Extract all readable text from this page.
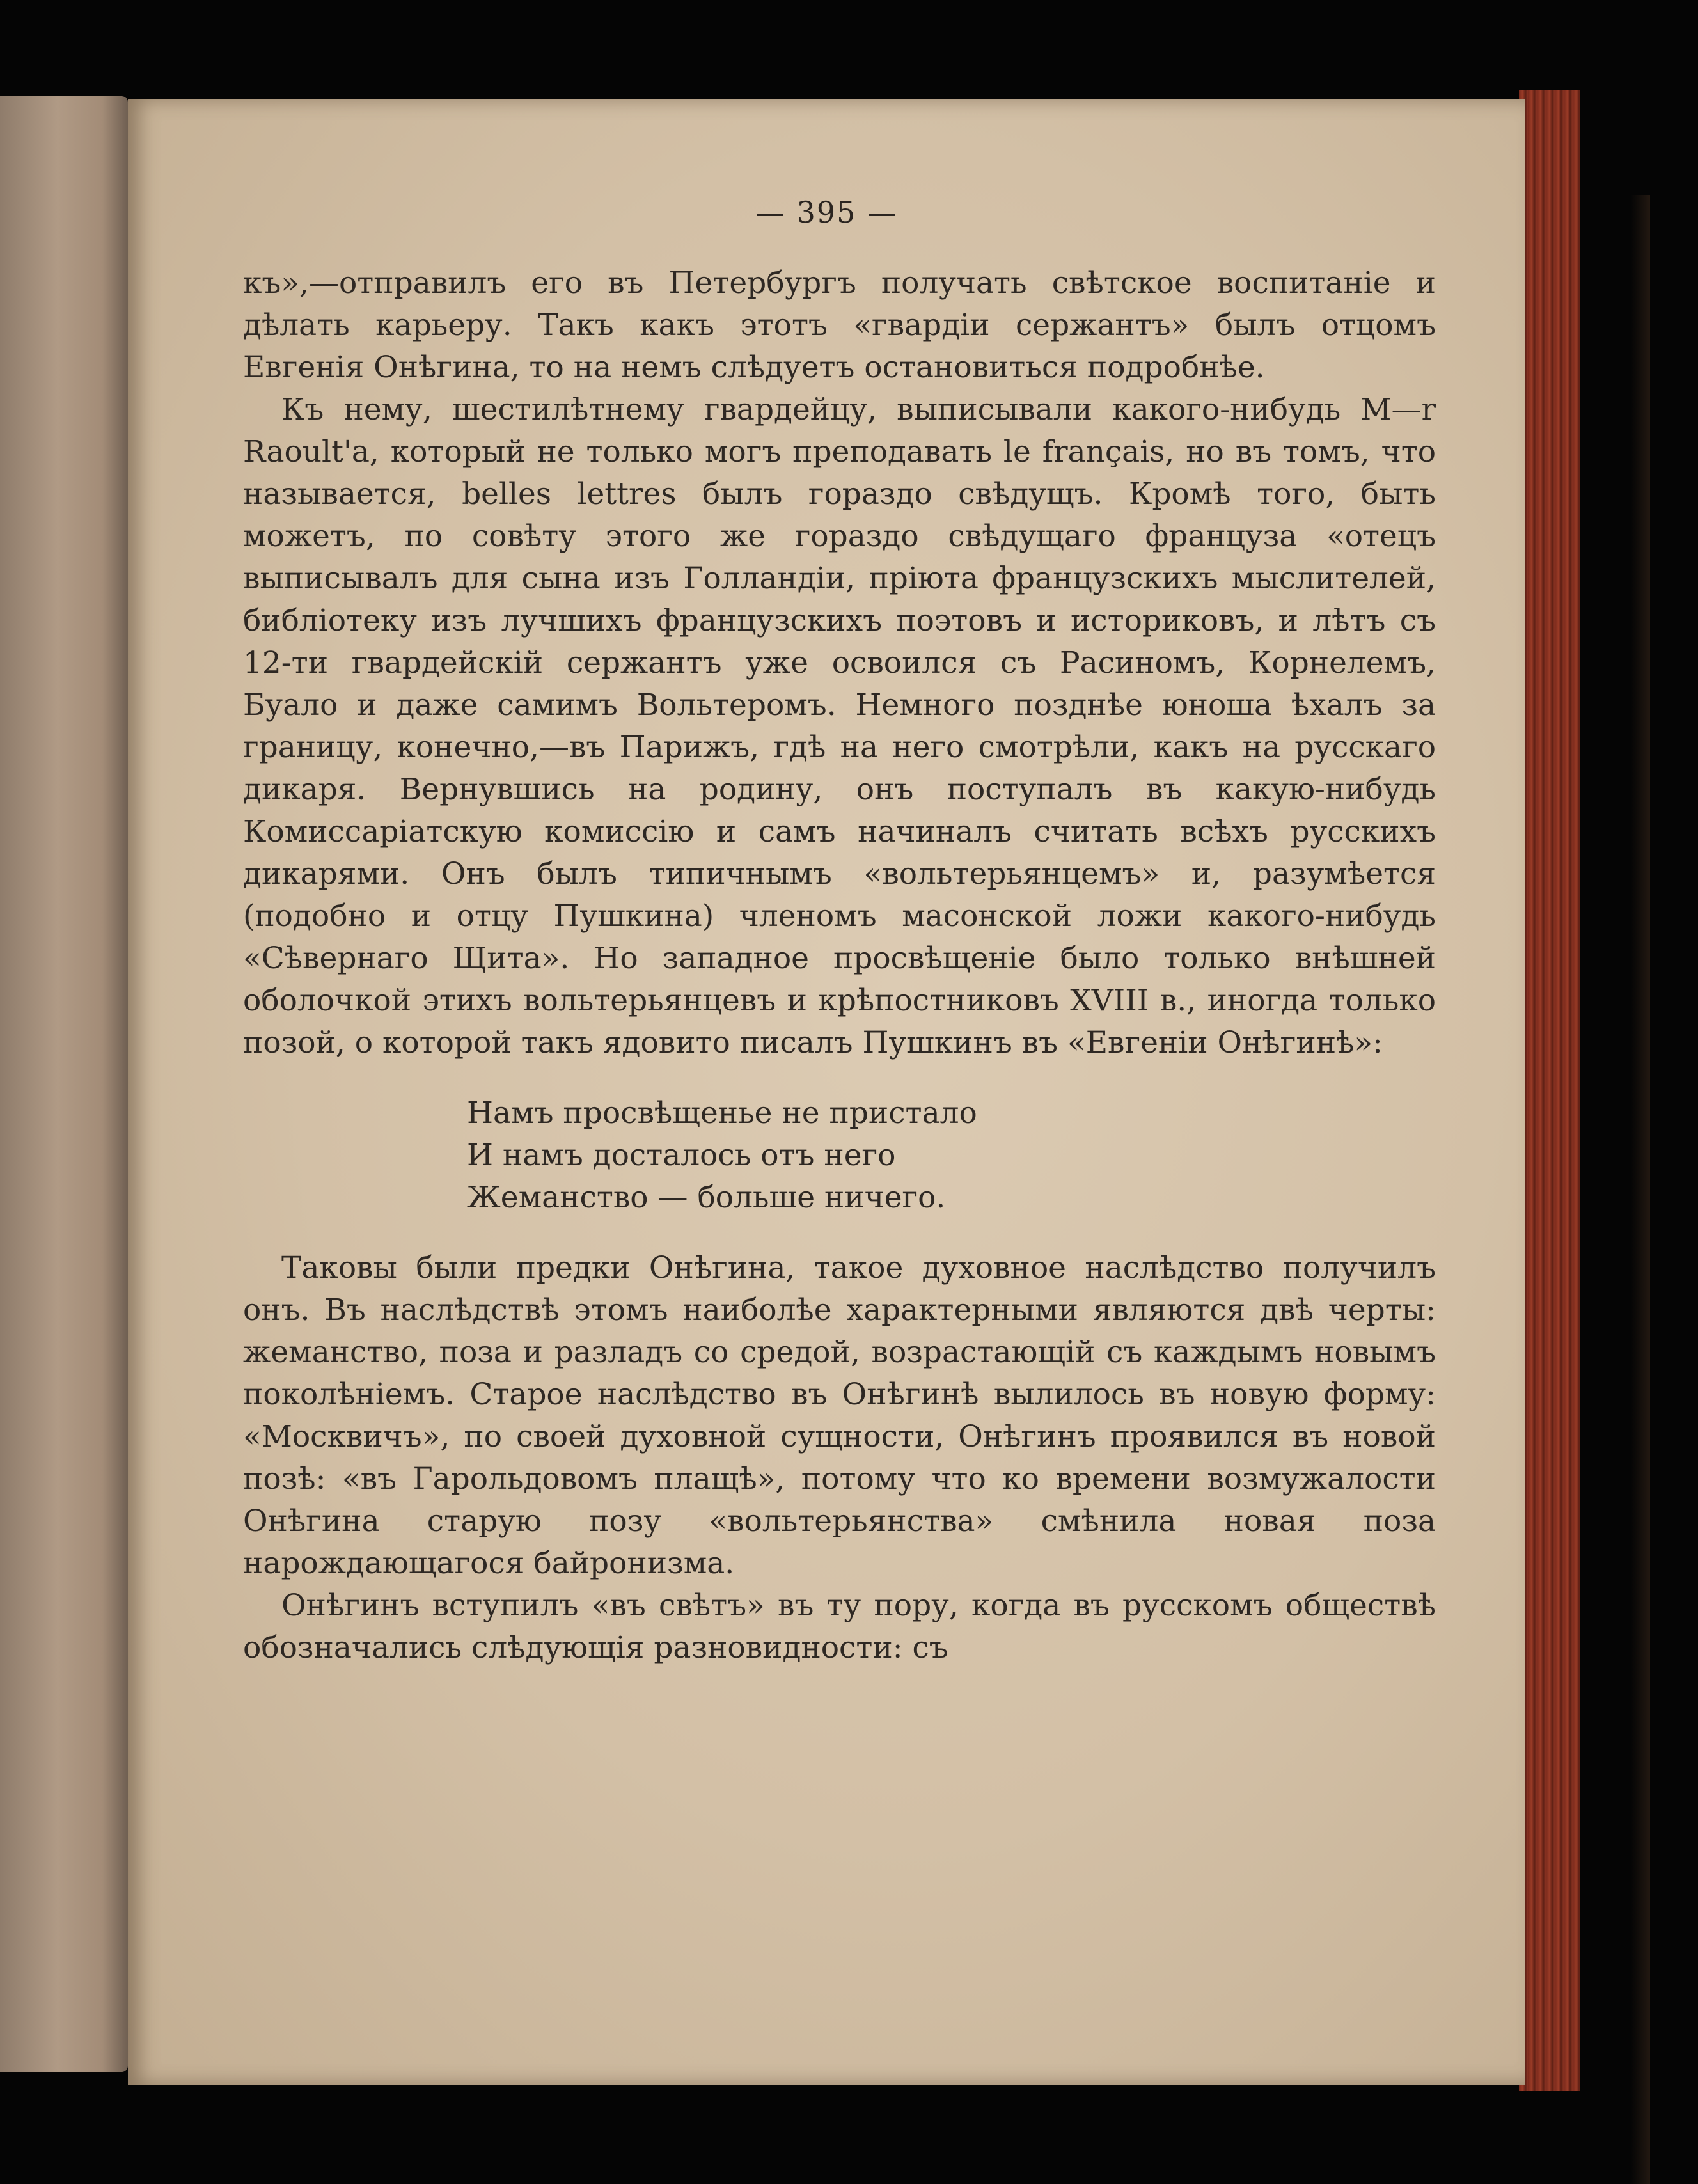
— 395 —

къ»,—отправилъ его въ Петербургъ получать свѣтское воспитаніе и дѣлать карьеру. Такъ какъ этотъ «гвардіи сержантъ» былъ отцомъ Евгенія Онѣгина, то на немъ слѣдуетъ остановиться подробнѣе.

Къ нему, шестилѣтнему гвардейцу, выписывали какого-нибудь M—r Raoult'a, который не только могъ преподавать le français, но въ томъ, что называется, belles lettres былъ гораздо свѣдущъ. Кромѣ того, быть можетъ, по совѣту этого же гораздо свѣдущаго француза «отецъ выписывалъ для сына изъ Голландіи, пріюта французскихъ мыслителей, библіотеку изъ лучшихъ французскихъ поэтовъ и историковъ, и лѣтъ съ 12-ти гвардейскій сержантъ уже освоился съ Расиномъ, Корнелемъ, Буало и даже самимъ Вольтеромъ. Немного позднѣе юноша ѣхалъ за границу, конечно,—въ Парижъ, гдѣ на него смотрѣли, какъ на русскаго дикаря. Вернувшись на родину, онъ поступалъ въ какую-нибудь Комиссаріатскую комиссію и самъ начиналъ считать всѣхъ русскихъ дикарями. Онъ былъ типичнымъ «вольтерьянцемъ» и, разумѣется (подобно и отцу Пушкина) членомъ масонской ложи какого-нибудь «Сѣвернаго Щита». Но западное просвѣщеніе было только внѣшней оболочкой этихъ вольтерьянцевъ и крѣпостниковъ XVIII в., иногда только позой, о которой такъ ядовито писалъ Пушкинъ въ «Евгеніи Онѣгинѣ»:

Намъ просвѣщенье не пристало
И намъ досталось отъ него
Жеманство — больше ничего.

Таковы были предки Онѣгина, такое духовное наслѣдство получилъ онъ. Въ наслѣдствѣ этомъ наиболѣе характерными являются двѣ черты: жеманство, поза и разладъ со средой, возрастающій съ каждымъ новымъ поколѣніемъ. Старое наслѣдство въ Онѣгинѣ вылилось въ новую форму: «Москвичъ», по своей духовной сущности, Онѣгинъ проявился въ новой позѣ: «въ Гарольдовомъ плащѣ», потому что ко времени возмужалости Онѣгина старую позу «вольтерьянства» смѣнила новая поза нарождающагося байронизма.

Онѣгинъ вступилъ «въ свѣтъ» въ ту пору, когда въ русскомъ обществѣ обозначались слѣдующія разновидности: съ
